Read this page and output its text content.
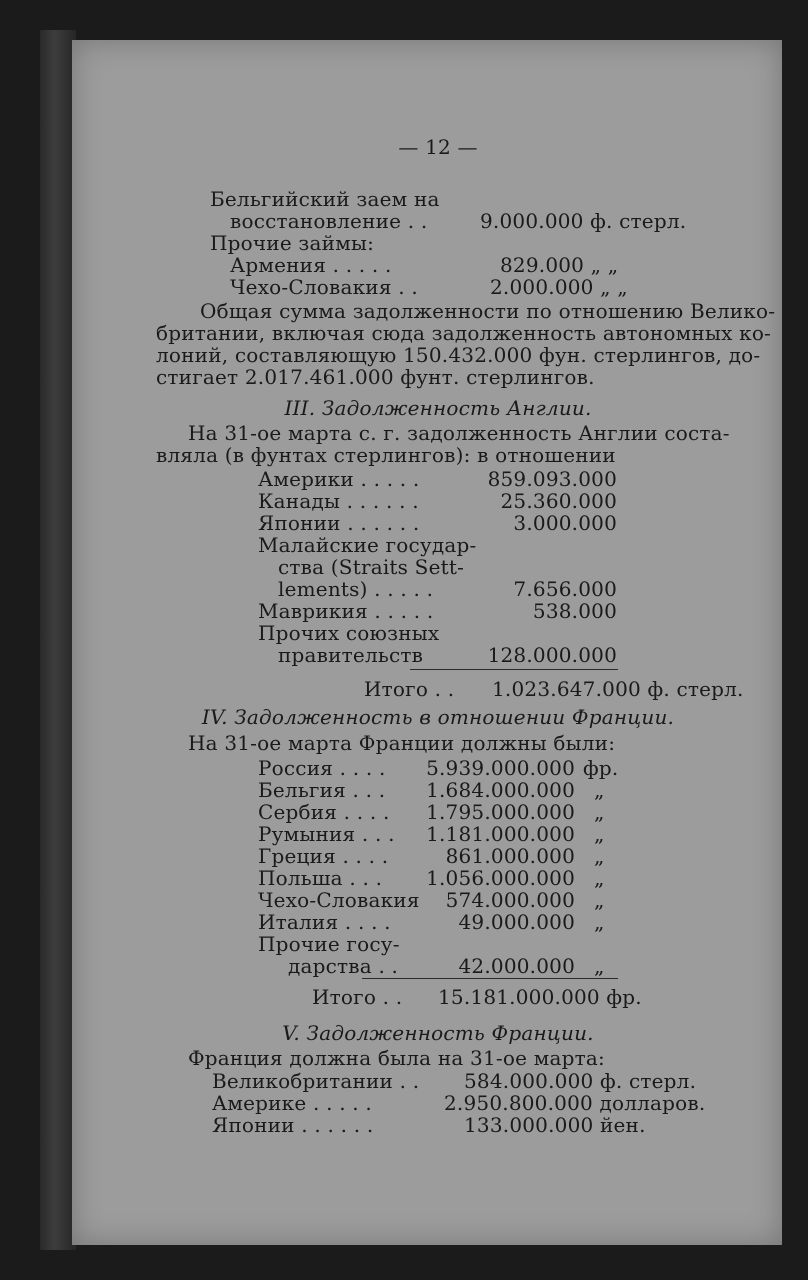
— 12 —
Бельгийский заем на
восстановление . .	9.000.000 ф. стерл.
Прочие займы:
Армения . . . . .	829.000 „ „
Чехо-Словакия . .	2.000.000 „ „
Общая сумма задолженности по отношению Велико-
британии, включая сюда задолженность автономных ко-
лоний, составляющую 150.432.000 фун. стерлингов, до-
стигает 2.017.461.000 фунт. стерлингов.
III. Задолженность Англии.
На 31-ое марта с. г. задолженность Англии соста-
вляла (в фунтах стерлингов): в отношении
Америки . . . . .	859.093.000
Канады . . . . . .	25.360.000
Японии . . . . . .	3.000.000
Малайские государ-
ства (Straits Sett-
lements) . . . . .	7.656.000
Маврикия . . . . .	538.000
Прочих союзных
правительств	128.000.000
Итого . . 1.023.647.000 ф. стерл.
IV. Задолженность в отношении Франции.
На 31-ое марта Франции должны были:
Россия . . . . 5.939.000.000 фр.
Бельгия . . . 1.684.000.000 „
Сербия . . . . 1.795.000.000 „
Румыния . . . 1.181.000.000 „
Греция . . . .	861.000.000 „
Польша . . . 1.056.000.000 „
Чехо-Словакия 574.000.000 „
Италия . . . .	49.000.000 „
Прочие госу-
дарства . .	42.000.000 „
Итого . . 15.181.000.000 фр.
V. Задолженность Франции.
Франция должна была на 31-ое марта:
Великобритании . . 584.000.000 ф. стерл.
Америке . . . . .	2.950.800.000 долларов.
Японии . . . . . .	133.000.000 йен.
